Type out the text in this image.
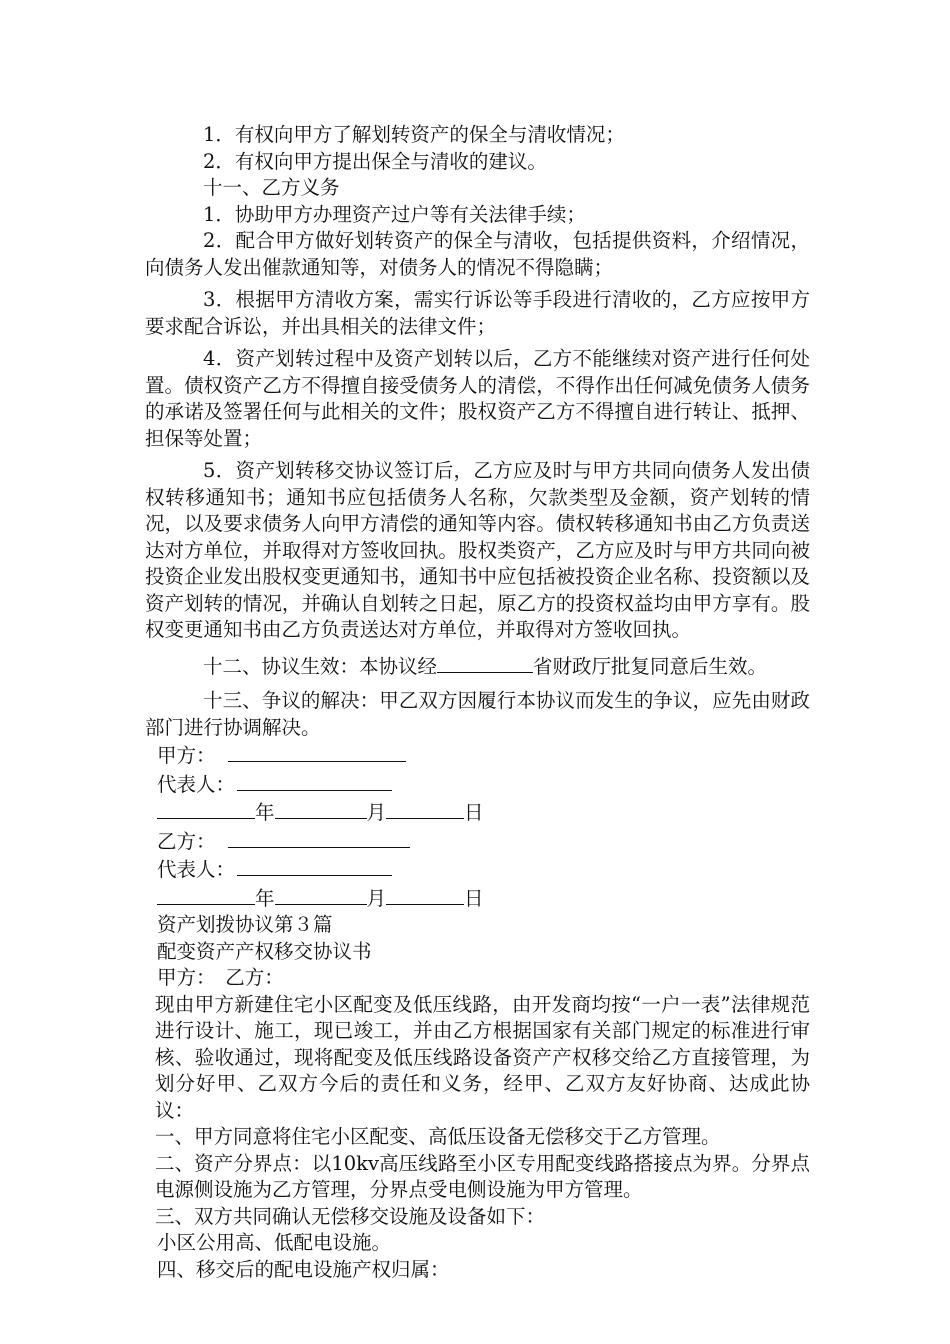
1．有权向甲方了解划转资产的保全与清收情况；

2．有权向甲方提出保全与清收的建议。

十一、乙方义务

1．协助甲方办理资产过户等有关法律手续；

2．配合甲方做好划转资产的保全与清收，包括提供资料，介绍情况，向债务人发出催款通知等，对债务人的情况不得隐瞒；

3．根据甲方清收方案，需实行诉讼等手段进行清收的，乙方应按甲方要求配合诉讼，并出具相关的法律文件；

4．资产划转过程中及资产划转以后，乙方不能继续对资产进行任何处置。债权资产乙方不得擅自接受债务人的清偿，不得作出任何减免债务人债务的承诺及签署任何与此相关的文件；股权资产乙方不得擅自进行转让、抵押、担保等处置；

5．资产划转移交协议签订后，乙方应及时与甲方共同向债务人发出债权转移通知书；通知书应包括债务人名称，欠款类型及金额，资产划转的情况，以及要求债务人向甲方清偿的通知等内容。债权转移通知书由乙方负责送达对方单位，并取得对方签收回执。股权类资产，乙方应及时与甲方共同向被投资企业发出股权变更通知书，通知书中应包括被投资企业名称、投资额以及资产划转的情况，并确认自划转之日起，原乙方的投资权益均由甲方享有。股权变更通知书由乙方负责送达对方单位，并取得对方签收回执。

十二、协议生效：本协议经	省财政厅批复同意后生效。

十三、争议的解决：甲乙双方因履行本协议而发生的争议，应先由财政部门进行协调解决。

甲方：

代表人：

年	月	日

乙方：

代表人：

年	月	日

资产划拨协议第３篇

配变资产产权移交协议书

甲方：　乙方：

现由甲方新建住宅小区配变及低压线路，由开发商均按“一户一表”法律规范进行设计、施工，现已竣工，并由乙方根据国家有关部门规定的标准进行审核、验收通过，现将配变及低压线路设备资产产权移交给乙方直接管理，为划分好甲、乙双方今后的责任和义务，经甲、乙双方友好协商、达成此协议：

一、甲方同意将住宅小区配变、高低压设备无偿移交于乙方管理。

二、资产分界点：以10kv高压线路至小区专用配变线路搭接点为界。分界点电源侧设施为乙方管理，分界点受电侧设施为甲方管理。

三、双方共同确认无偿移交设施及设备如下：

小区公用高、低配电设施。

四、移交后的配电设施产权归属：
